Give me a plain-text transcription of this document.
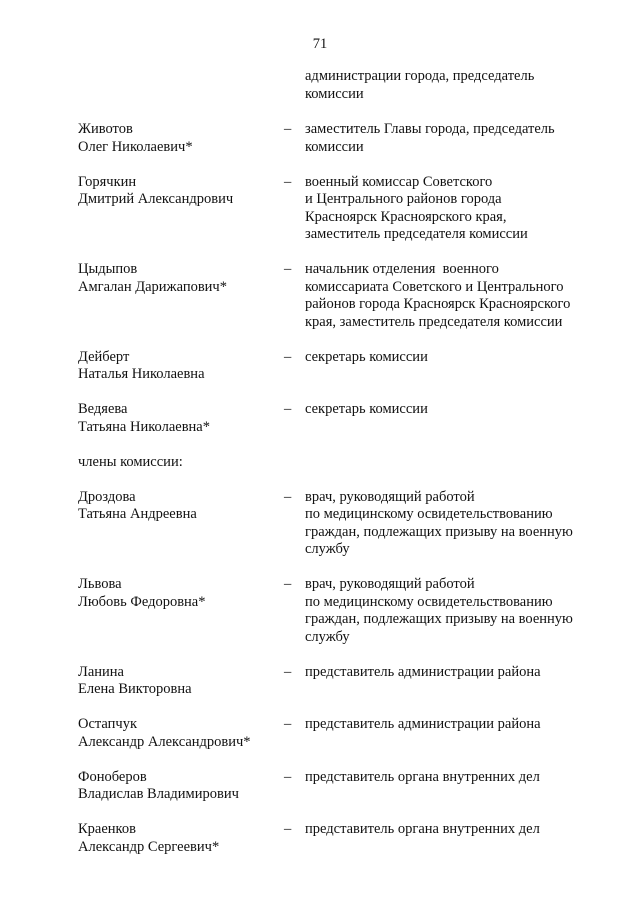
71
администрации города, председатель
комиссии
члены комиссии:
Животов
Олег Николаевич*
– заместитель Главы города, председатель
комиссии
Горячкин
Дмитрий Александрович
– военный комиссар Советского
и Центрального районов города
Красноярск Красноярского края,
заместитель председателя комиссии
Цыдыпов
Амгалан Дарижапович*
– начальник отделения  военного
комиссариата Советского и Центрального
районов города Красноярск Красноярского
края, заместитель председателя комиссии
Дейберт
Наталья Николаевна
– секретарь комиссии
Ведяева
Татьяна Николаевна*
– секретарь комиссии
Дроздова
Татьяна Андреевна
– врач, руководящий работой
по медицинскому освидетельствованию
граждан, подлежащих призыву на военную
службу
Львова
Любовь Федоровна*
– врач, руководящий работой
по медицинскому освидетельствованию
граждан, подлежащих призыву на военную
службу
Ланина
Елена Викторовна
– представитель администрации района
Остапчук
Александр Александрович*
– представитель администрации района
Фоноберов
Владислав Владимирович
– представитель органа внутренних дел
Краенков
Александр Сергеевич*
– представитель органа внутренних дел
